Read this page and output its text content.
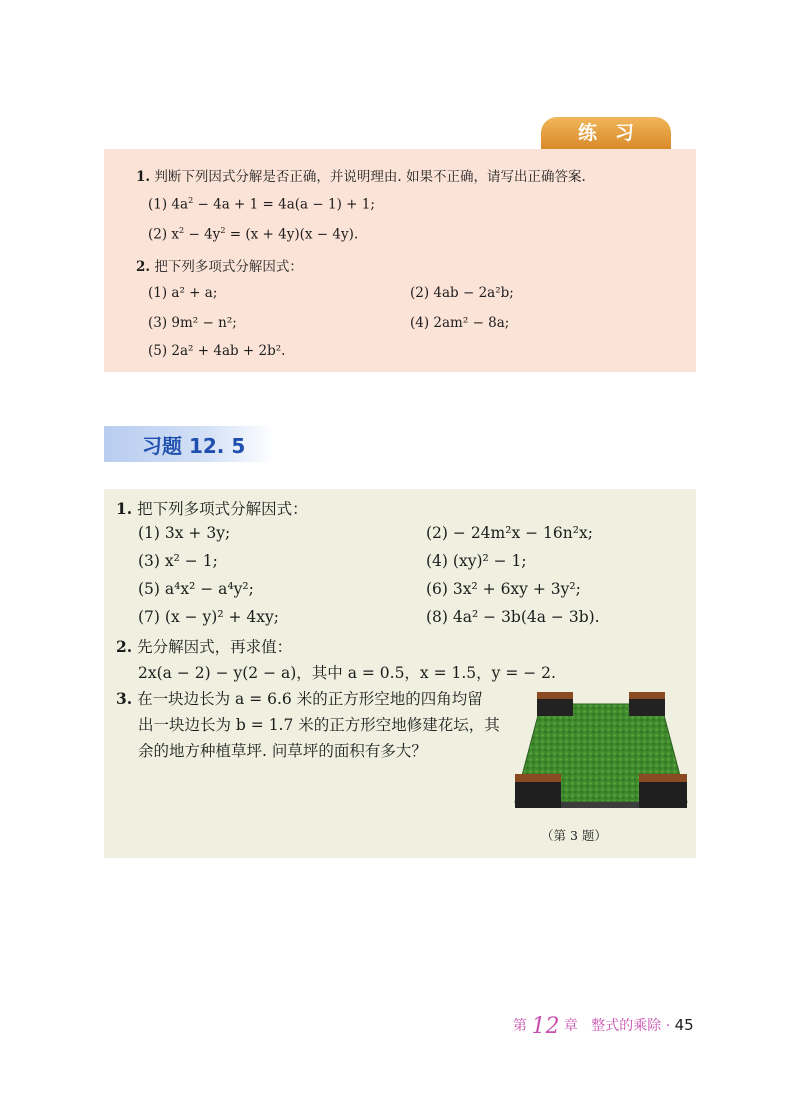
练习
1. 判断下列因式分解是否正确，并说明理由. 如果不正确，请写出正确答案.
(1) $4a^2 - 4a + 1 = 4a(a - 1) + 1$;
(2) $x^2 - 4y^2 = (x + 4y)(x - 4y)$.
2. 把下列多项式分解因式：
(1) a² + a;	(2) 4ab − 2a²b;
(3) 9m² − n²;	(4) 2am² − 8a;
(5) 2a² + 4ab + 2b².
习题 12. 5
1. 把下列多项式分解因式：
(1) 3x + 3y;	(2) − 24m²x − 16n²x;
(3) x² − 1;	(4) (xy)² − 1;
(5) a⁴x² − a⁴y²;	(6) 3x² + 6xy + 3y²;
(7) (x − y)² + 4xy;	(8) 4a² − 3b(4a − 3b).
2. 先分解因式，再求值：
2x(a − 2) − y(2 − a)，其中 a = 0.5，x = 1.5，y = − 2.
3. 在一块边长为 a = 6.6 米的正方形空地的四角均留
出一块边长为 b = 1.7 米的正方形空地修建花坛，其
余的地方种植草坪. 问草坪的面积有多大？
（第 3 题）
第 12 章 整式的乘除 · 45
